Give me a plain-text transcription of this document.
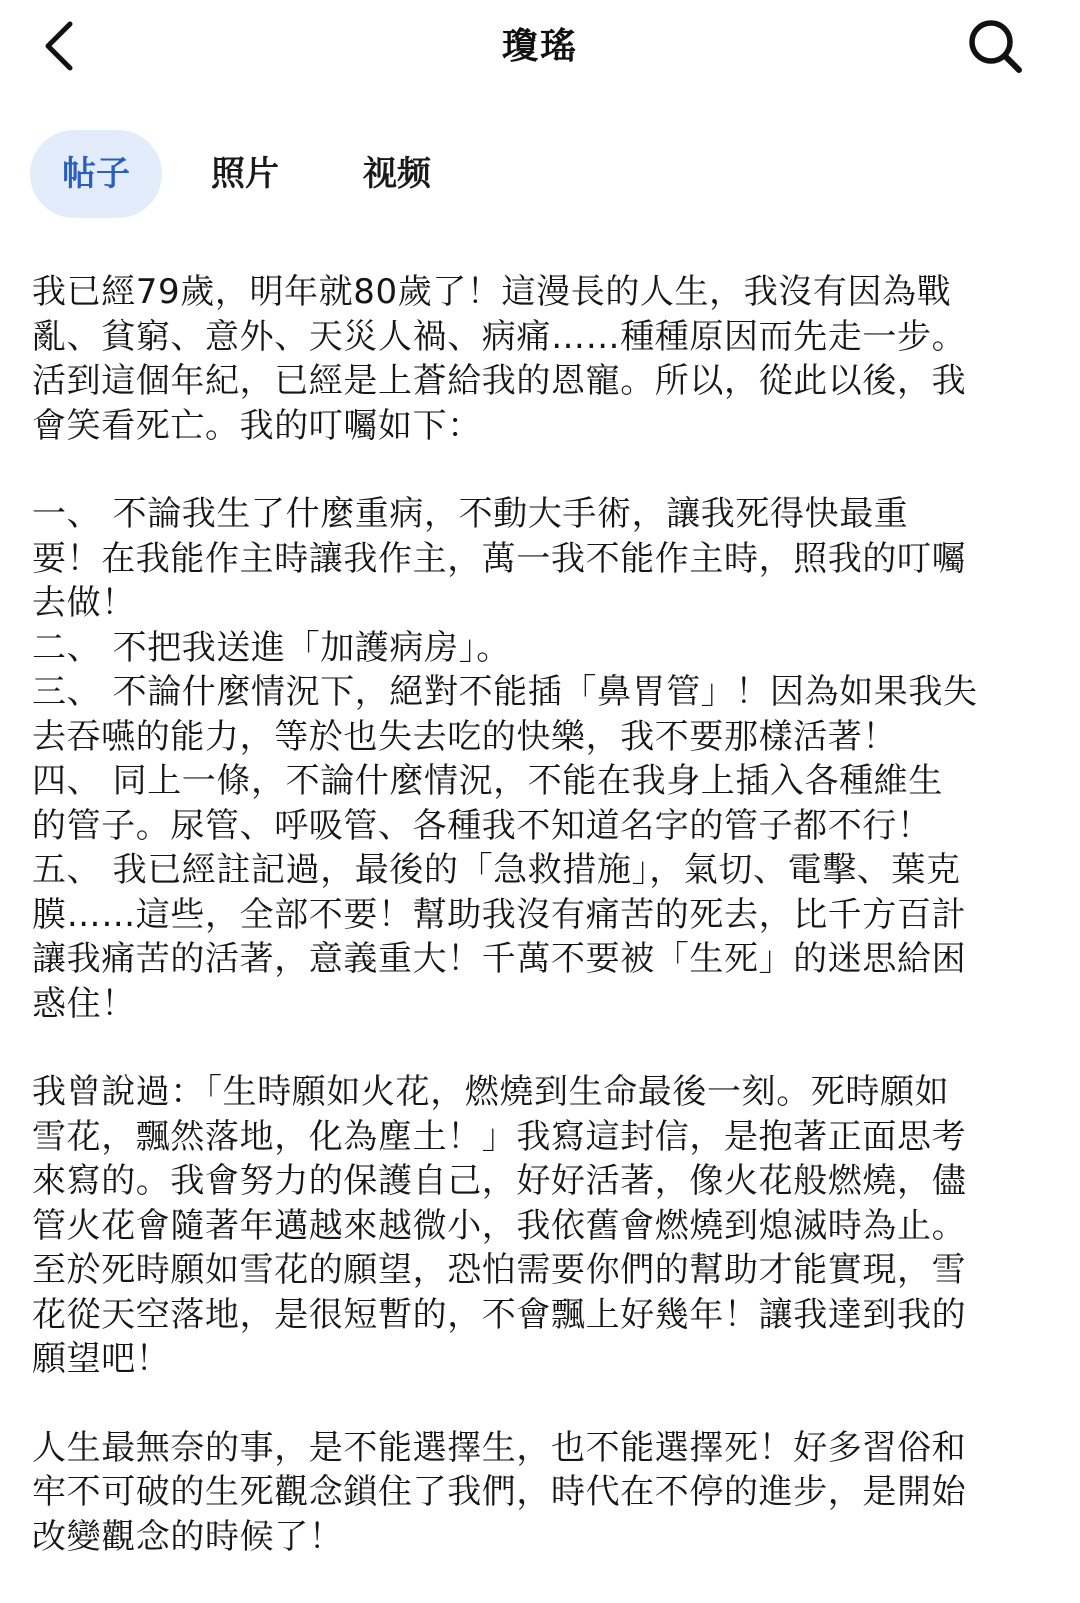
瓊瑤
帖子	照片	视频
我已經79歲，明年就80歲了！這漫長的人生，我沒有因為戰
亂、貧窮、意外、天災人禍、病痛……種種原因而先走一步。
活到這個年紀，已經是上蒼給我的恩寵。所以，從此以後，我
會笑看死亡。我的叮囑如下：
一、 不論我生了什麼重病，不動大手術，讓我死得快最重
要！在我能作主時讓我作主，萬一我不能作主時，照我的叮囑
去做！
二、 不把我送進「加護病房」。
三、 不論什麼情況下，絕對不能插「鼻胃管」！因為如果我失
去吞嚥的能力，等於也失去吃的快樂，我不要那樣活著！
四、 同上一條，不論什麼情況，不能在我身上插入各種維生
的管子。尿管、呼吸管、各種我不知道名字的管子都不行！
五、 我已經註記過，最後的「急救措施」，氣切、電擊、葉克
膜……這些，全部不要！幫助我沒有痛苦的死去，比千方百計
讓我痛苦的活著，意義重大！千萬不要被「生死」的迷思給困
惑住！
我曾說過：「生時願如火花，燃燒到生命最後一刻。死時願如
雪花，飄然落地，化為塵土！」我寫這封信，是抱著正面思考
來寫的。我會努力的保護自己，好好活著，像火花般燃燒，儘
管火花會隨著年邁越來越微小，我依舊會燃燒到熄滅時為止。
至於死時願如雪花的願望，恐怕需要你們的幫助才能實現，雪
花從天空落地，是很短暫的，不會飄上好幾年！讓我達到我的
願望吧！
人生最無奈的事，是不能選擇生，也不能選擇死！好多習俗和
牢不可破的生死觀念鎖住了我們，時代在不停的進步，是開始
改變觀念的時候了！
